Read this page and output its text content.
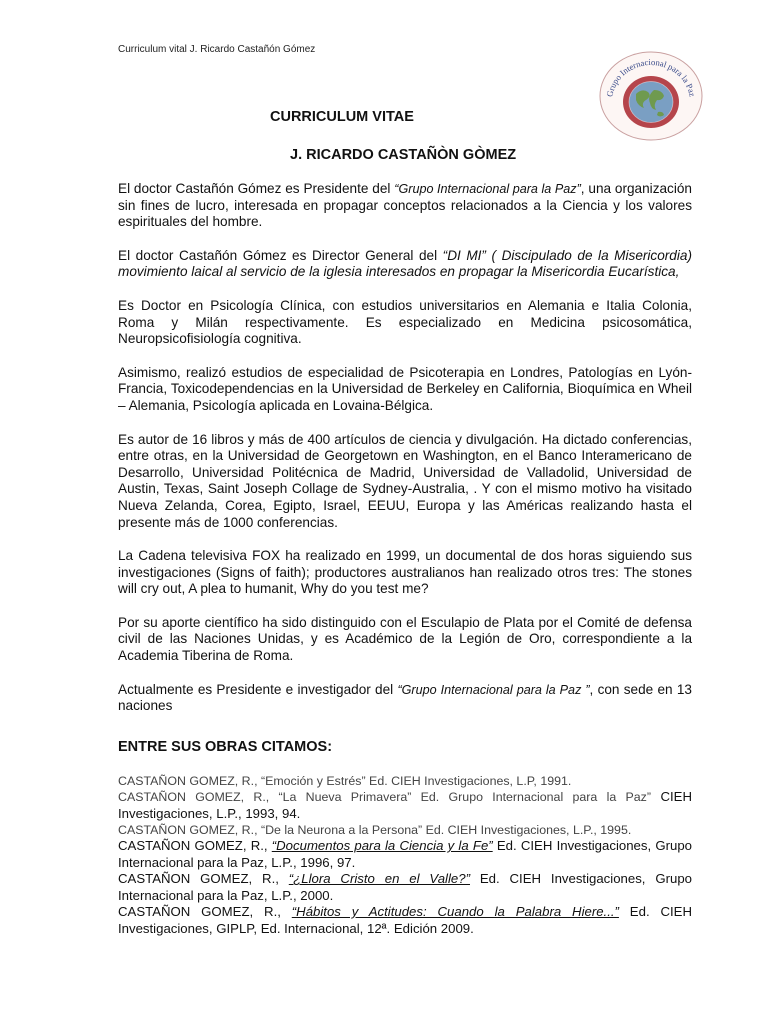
Curriculum vital J. Ricardo Castañón Gómez
Grupo Internacional para la Paz
CURRICULUM VITAE
J. RICARDO CASTAÑÒN GÒMEZ

El doctor Castañón Gómez es Presidente del “Grupo Internacional para la Paz”, una organización sin fines de lucro, interesada en propagar conceptos relacionados a la Ciencia y los valores espirituales del hombre.

El doctor Castañón Gómez es Director General del “DI MI” ( Discipulado de la Misericordia) movimiento laical al servicio de la iglesia interesados en propagar la Misericordia Eucarística,

Es Doctor en Psicología Clínica, con estudios universitarios en Alemania e Italia Colonia, Roma y Milán respectivamente. Es especializado en Medicina psicosomática, Neuropsicofisiología cognitiva.

Asimismo, realizó estudios de especialidad de Psicoterapia en Londres, Patologías en Lyón-Francia, Toxicodependencias en la Universidad de Berkeley en California, Bioquímica en Wheil – Alemania, Psicología aplicada en Lovaina-Bélgica.

Es autor de 16 libros y más de 400 artículos de ciencia y divulgación. Ha dictado conferencias, entre otras, en la Universidad de Georgetown en Washington, en el Banco Interamericano de Desarrollo, Universidad Politécnica de Madrid, Universidad de Valladolid, Universidad de Austin, Texas, Saint Joseph Collage de Sydney-Australia, . Y con el mismo motivo ha visitado Nueva Zelanda, Corea, Egipto, Israel, EEUU, Europa y las Américas realizando hasta el presente más de 1000 conferencias.

La Cadena televisiva FOX ha realizado en 1999, un documental de dos horas siguiendo sus investigaciones (Signs of faith); productores australianos han realizado otros tres: The stones will cry out, A plea to humanit, Why do you test me?

Por su aporte científico ha sido distinguido con el Esculapio de Plata por el Comité de defensa civil de las Naciones Unidas, y es Académico de la Legión de Oro, correspondiente a la Academia Tiberina de Roma.

Actualmente es Presidente e investigador del “Grupo Internacional para la Paz ”, con sede en 13 naciones

ENTRE SUS OBRAS CITAMOS:

CASTAÑON GOMEZ, R., “Emoción y Estrés” Ed. CIEH Investigaciones, L.P, 1991.

CASTAÑON GOMEZ, R., “La Nueva Primavera” Ed. Grupo Internacional para la Paz” CIEH Investigaciones, L.P., 1993, 94.

CASTAÑON GOMEZ, R., “De la Neurona a la Persona” Ed. CIEH Investigaciones, L.P., 1995.

CASTAÑON GOMEZ, R., “Documentos para la Ciencia y la Fe” Ed. CIEH Investigaciones, Grupo Internacional para la Paz, L.P., 1996, 97.

CASTAÑON GOMEZ, R., “¿Llora Cristo en el Valle?” Ed. CIEH Investigaciones, Grupo Internacional para la Paz, L.P., 2000.

CASTAÑON GOMEZ, R., “Hábitos y Actitudes: Cuando la Palabra Hiere...” Ed. CIEH Investigaciones, GIPLP, Ed. Internacional, 12ª. Edición 2009.
